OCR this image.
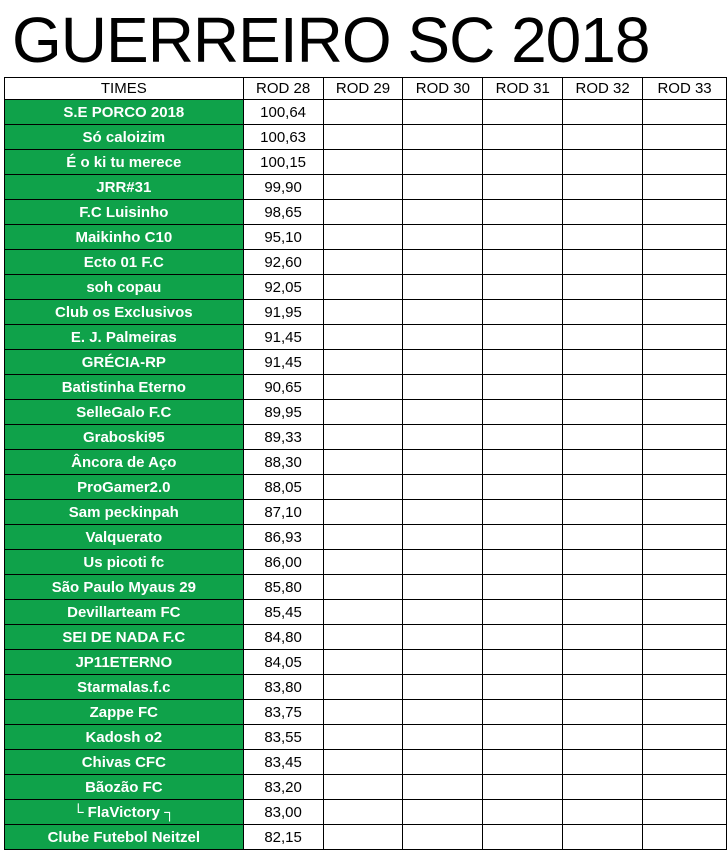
GUERREIRO SC 2018
TIMES	ROD 28	ROD 29	ROD 30	ROD 31	ROD 32	ROD 33
S.E PORCO 2018	100,64					
Só caloizim	100,63					
É o ki tu merece	100,15					
JRR#31	99,90					
F.C Luisinho	98,65					
Maikinho C10	95,10					
Ecto 01 F.C	92,60					
soh copau	92,05					
Club os Exclusivos	91,95					
E. J. Palmeiras	91,45					
GRÉCIA-RP	91,45					
Batistinha Eterno	90,65					
SelleGalo F.C	89,95					
Graboski95	89,33					
Âncora de Aço	88,30					
ProGamer2.0	88,05					
Sam peckinpah	87,10					
Valquerato	86,93					
Us picoti fc	86,00					
São Paulo Myaus 29	85,80					
Devillarteam FC	85,45					
SEI DE NADA F.C	84,80					
JP11ETERNO	84,05					
Starmalas.f.c	83,80					
Zappe FC	83,75					
Kadosh o2	83,55					
Chivas CFC	83,45					
Bãozão FC	83,20					
└ FlaVictory ┐	83,00					
Clube Futebol Neitzel	82,15					
